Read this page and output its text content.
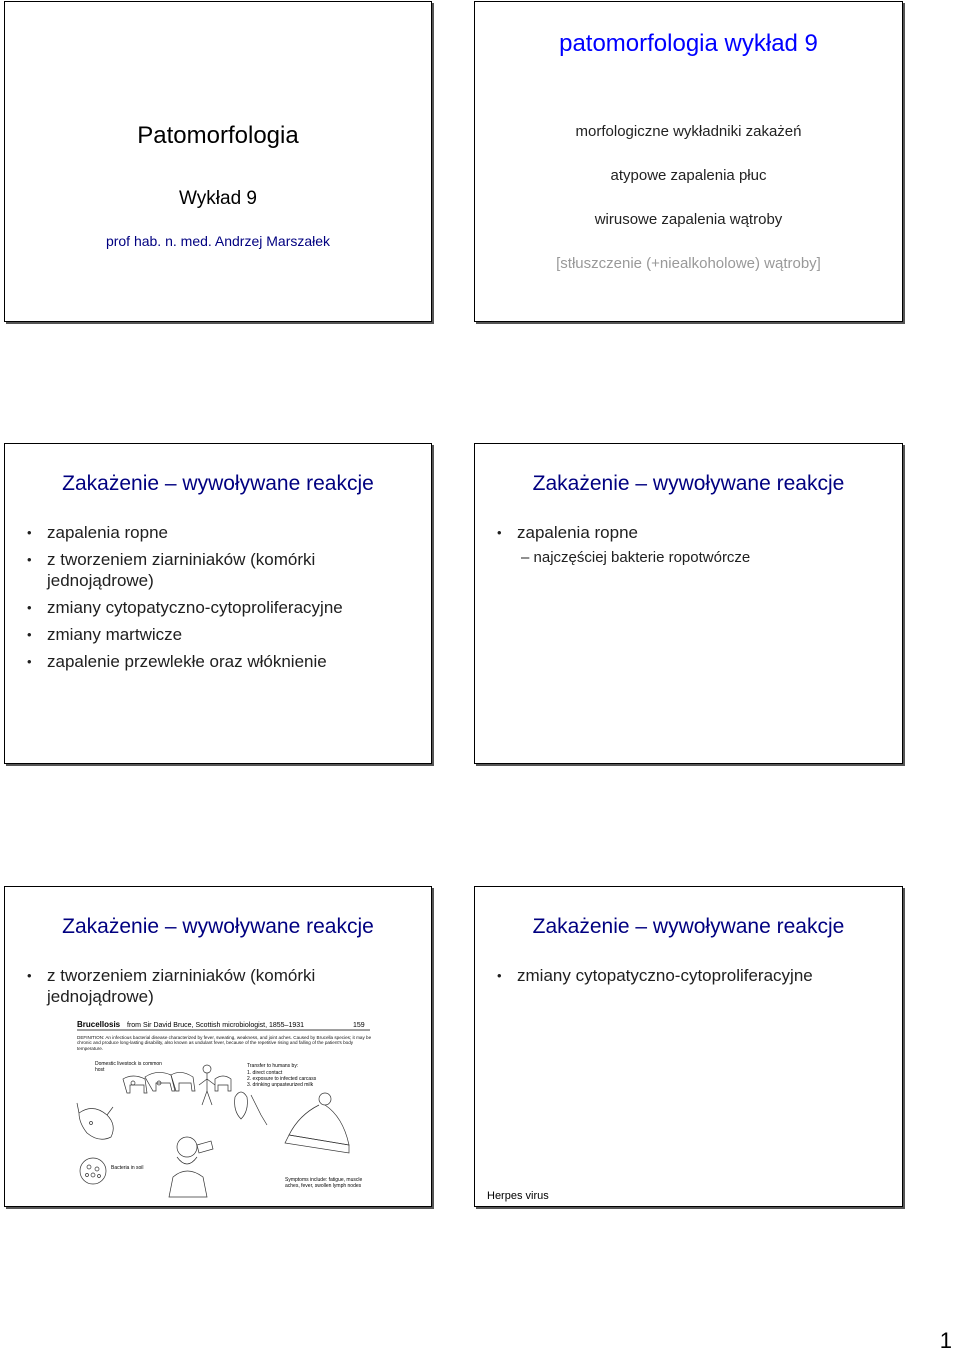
Patomorfologia
Wykład 9
prof hab. n. med. Andrzej Marszałek
patomorfologia wykład 9
morfologiczne wykładniki zakażeń
atypowe zapalenia płuc
wirusowe zapalenia wątroby
[stłuszczenie (+niealkoholowe) wątroby]
Zakażenie – wywoływane reakcje
• zapalenia ropne
• z tworzeniem ziarniniaków (komórki jednojądrowe)
• zmiany cytopatyczno-cytoproliferacyjne
• zmiany martwicze
• zapalenie przewlekłe oraz włóknienie
Zakażenie – wywoływane reakcje
• zapalenia ropne
– najczęściej bakterie ropotwórcze
Zakażenie – wywoływane reakcje
• z tworzeniem ziarniniaków (komórki jednojądrowe)
Brucellosis from Sir David Bruce, Scottish microbiologist, 1855–1931	159
DEFINITION: An infectious bacterial disease characterized by fever, sweating, weakness, and joint aches. Caused by Brucella species; it may be chronic and produce long-lasting disability, also known as undulant fever, because of the repetitive rising and falling of the patient's body temperature.
Domestic livestock is common host
Transfer to humans by:
1. direct contact
2. exposure to infected carcass
3. drinking unpasteurized milk
Bacteria in soil
Symptoms include: fatigue, muscle aches, fever, swollen lymph nodes
Zakażenie – wywoływane reakcje
• zmiany cytopatyczno-cytoproliferacyjne
Herpes virus
1
